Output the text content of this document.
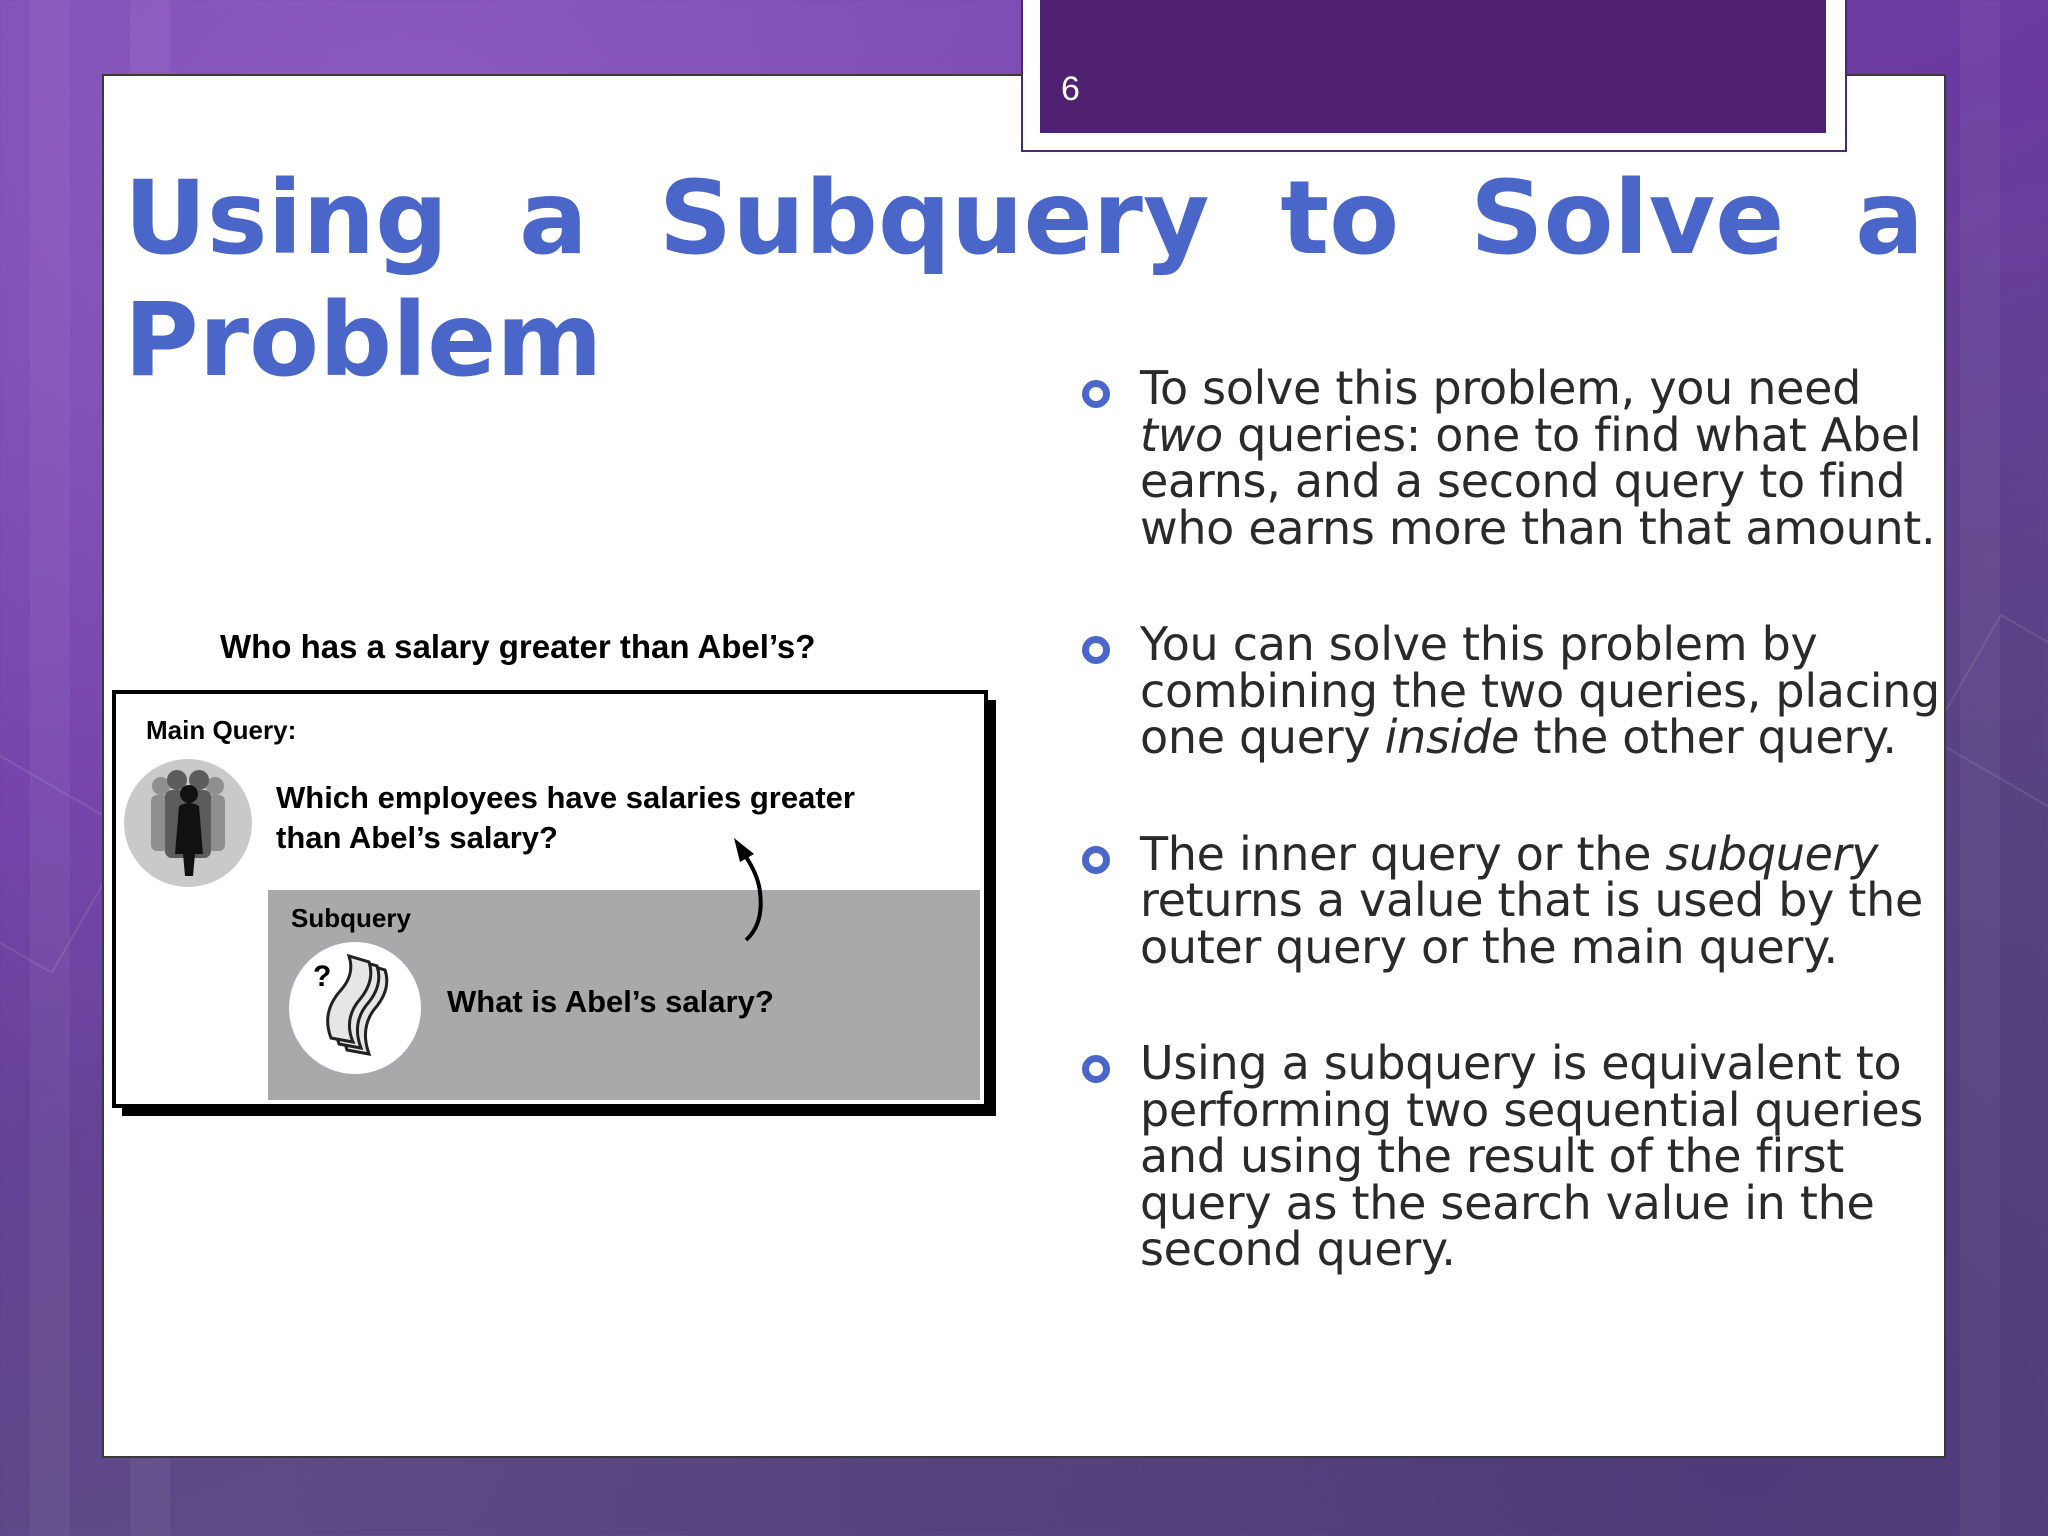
6
Using a Subquery to Solve a
Problem
Who has a salary greater than Abel’s?
Main Query:
Which employees have salaries greater than Abel’s salary?
Subquery
?
What is Abel’s salary?
To solve this problem, you need two queries: one to find what Abel earns, and a second query to find who earns more than that amount.
You can solve this problem by combining the two queries, placing one query inside the other query.
The inner query or the subquery returns a value that is used by the outer query or the main query.
Using a subquery is equivalent to performing two sequential queries and using the result of the first query as the search value in the second query.
